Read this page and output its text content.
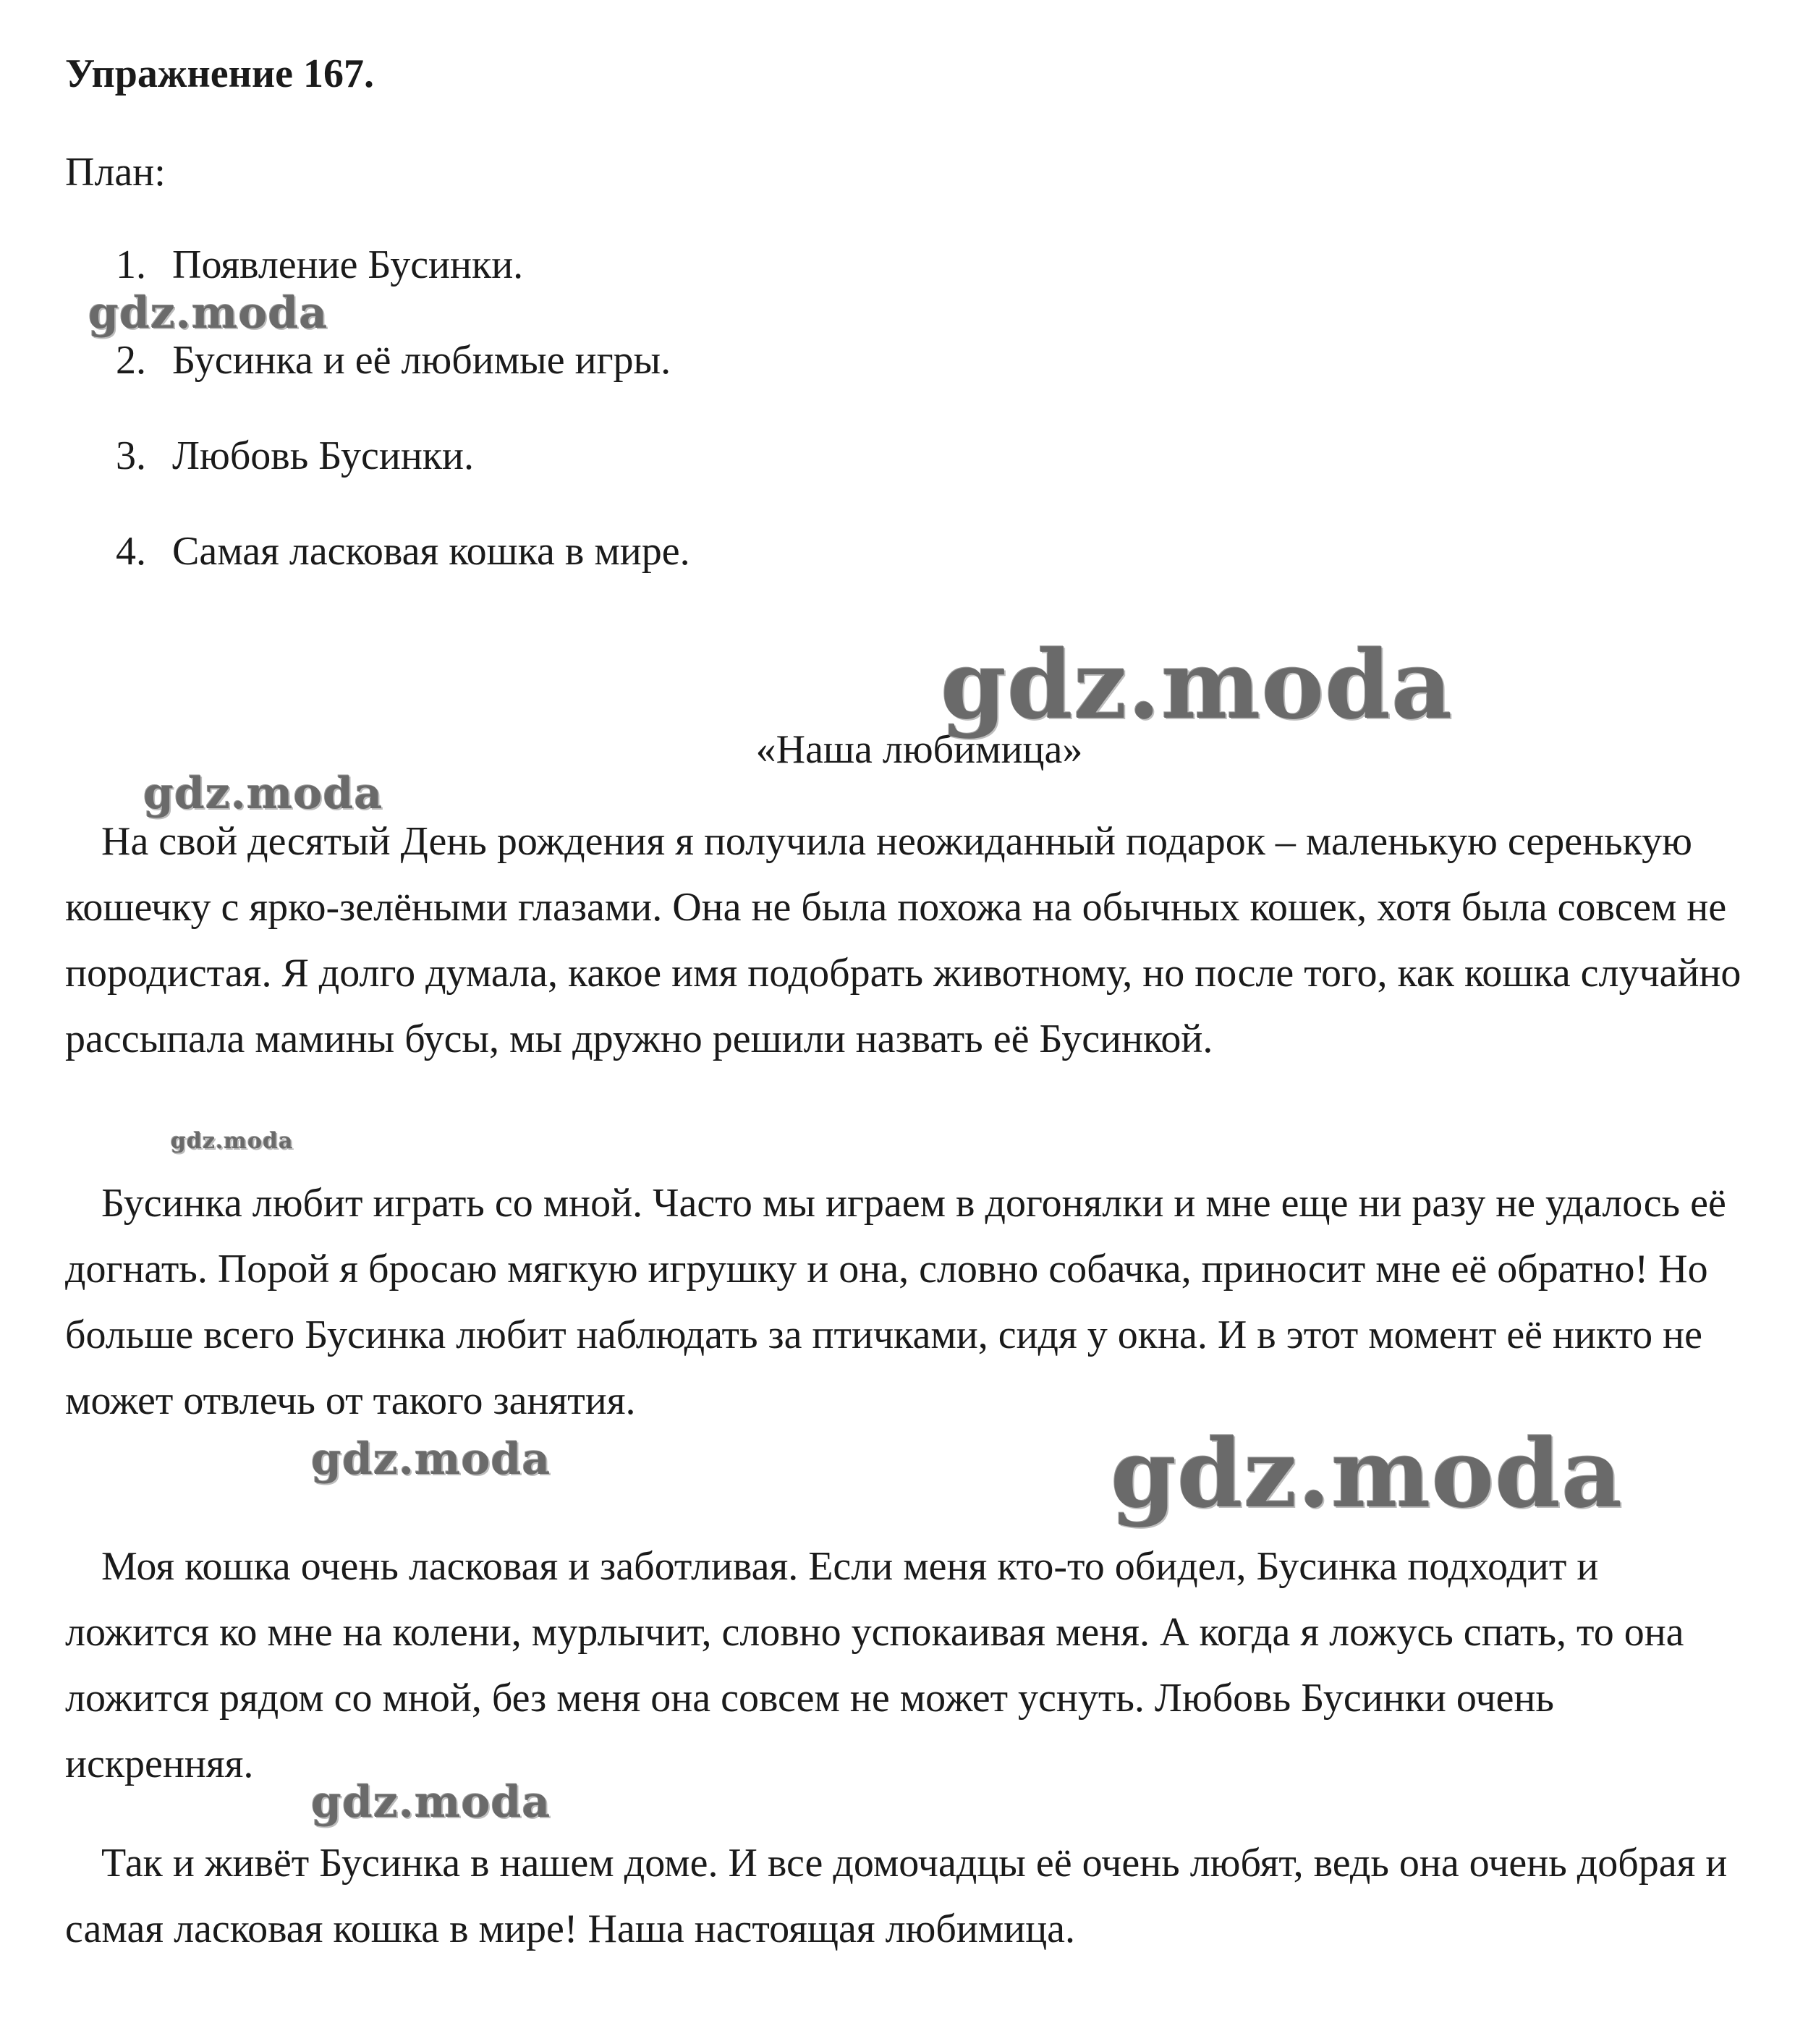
Упражнение 167.
План:
1. Появление Бусинки.
2. Бусинка и её любимые игры.
3. Любовь Бусинки.
4. Самая ласковая кошка в мире.
«Наша любимица»

На свой десятый День рождения я получила неожиданный подарок – маленькую серенькую кошечку с ярко-зелёными глазами. Она не была похожа на обычных кошек, хотя была совсем не породистая. Я долго думала, какое имя подобрать животному, но после того, как кошка случайно рассыпала мамины бусы, мы дружно решили назвать её Бусинкой.

Бусинка любит играть со мной. Часто мы играем в догонялки и мне еще ни разу не удалось её догнать. Порой я бросаю мягкую игрушку и она, словно собачка, приносит мне её обратно! Но больше всего Бусинка любит наблюдать за птичками, сидя у окна. И в этот момент её никто не может отвлечь от такого занятия.

Моя кошка очень ласковая и заботливая. Если меня кто-то обидел, Бусинка подходит и ложится ко мне на колени, мурлычит, словно успокаивая меня. А когда я ложусь спать, то она ложится рядом со мной, без меня она совсем не может уснуть. Любовь Бусинки очень искренняя.

Так и живёт Бусинка в нашем доме. И все домочадцы её очень любят, ведь она очень добрая и самая ласковая кошка в мире! Наша настоящая любимица.

gdz.moda
gdz.moda
gdz.moda
gdz.moda
gdz.moda	gdz.moda
gdz.moda
